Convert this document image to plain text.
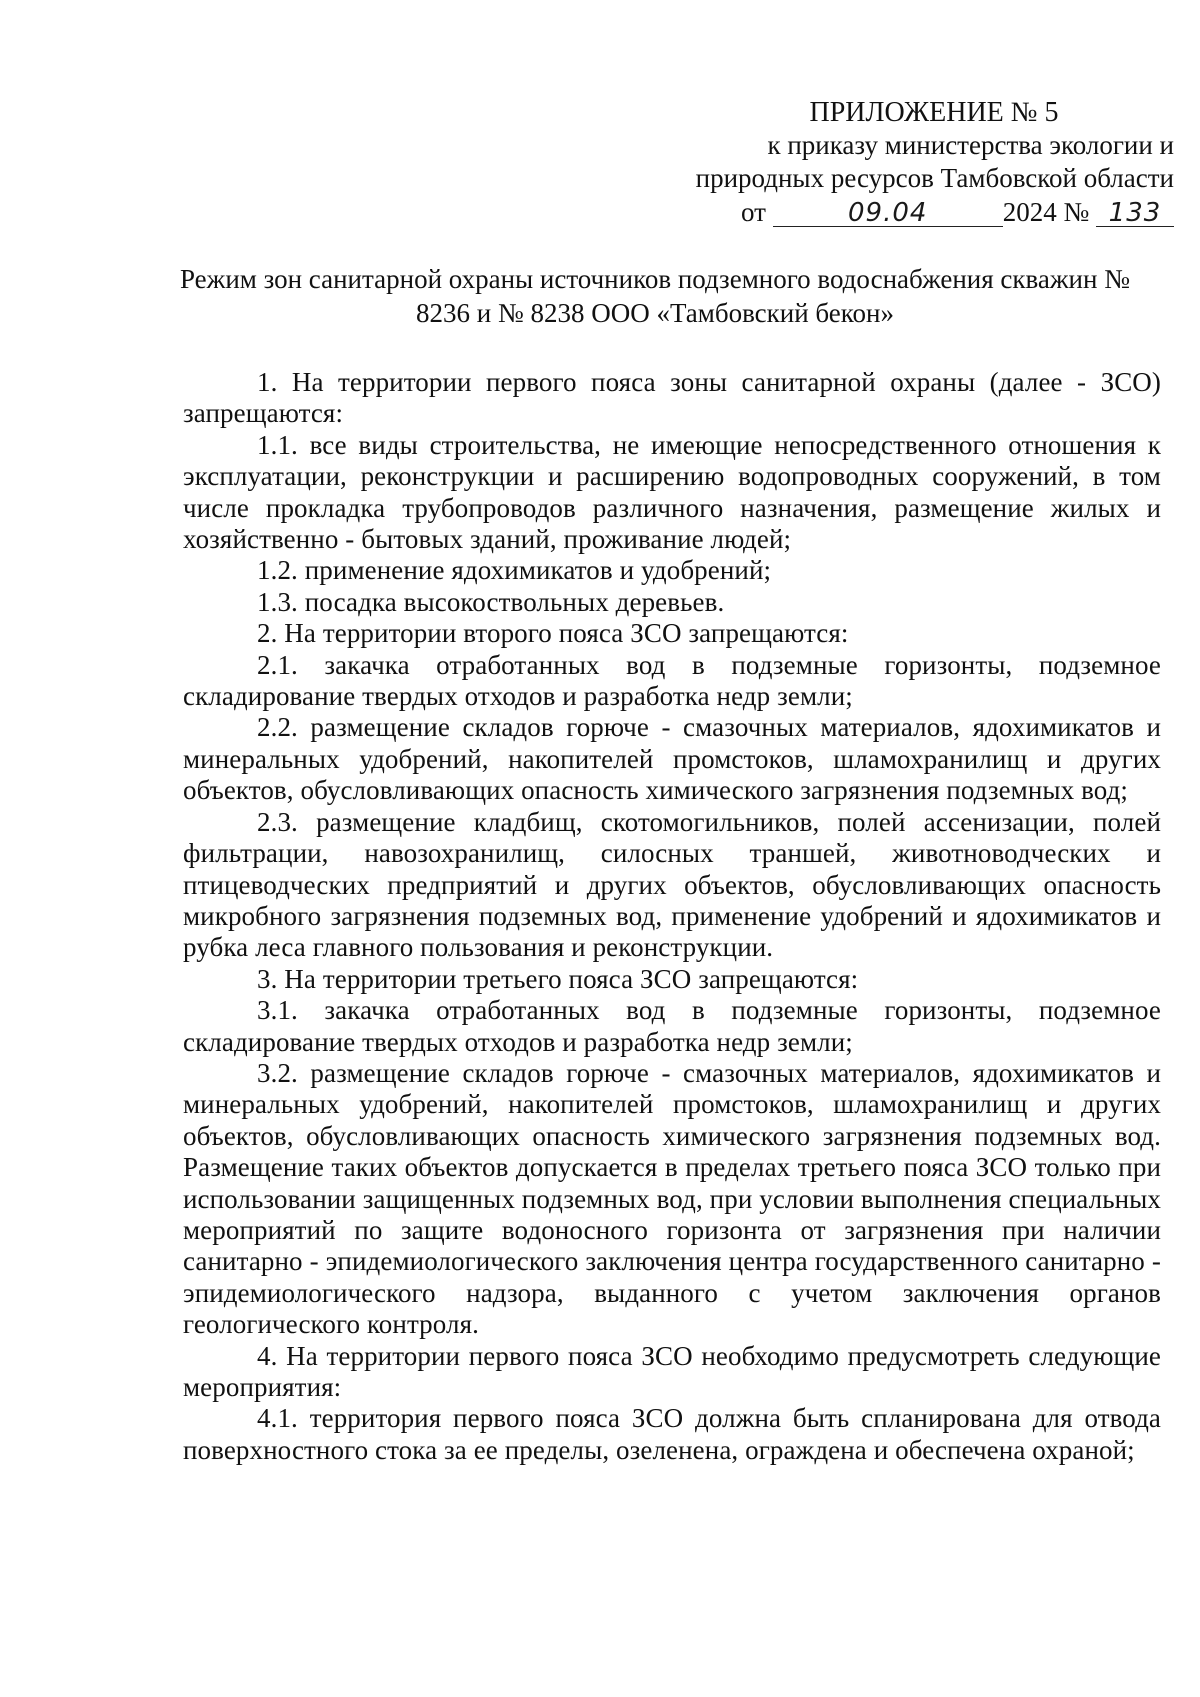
ПРИЛОЖЕНИЕ № 5
к приказу министерства экологии и
природных ресурсов Тамбовской области
от	09.04	2024 № 133
Режим зон санитарной охраны источников подземного водоснабжения скважин № 8236 и № 8238 ООО «Тамбовский бекон»

1. На территории первого пояса зоны санитарной охраны (далее - ЗСО) запрещаются:

1.1. все виды строительства, не имеющие непосредственного отношения к эксплуатации, реконструкции и расширению водопроводных сооружений, в том числе прокладка трубопроводов различного назначения, размещение жилых и хозяйственно - бытовых зданий, проживание людей;

1.2. применение ядохимикатов и удобрений;

1.3. посадка высокоствольных деревьев.

2. На территории второго пояса ЗСО запрещаются:

2.1. закачка отработанных вод в подземные горизонты, подземное складирование твердых отходов и разработка недр земли;

2.2. размещение складов горюче - смазочных материалов, ядохимикатов и минеральных удобрений, накопителей промстоков, шламохранилищ и других объектов, обусловливающих опасность химического загрязнения подземных вод;

2.3. размещение кладбищ, скотомогильников, полей ассенизации, полей фильтрации, навозохранилищ, силосных траншей, животноводческих и птицеводческих предприятий и других объектов, обусловливающих опасность микробного загрязнения подземных вод, применение удобрений и ядохимикатов и рубка леса главного пользования и реконструкции.

3. На территории третьего пояса ЗСО запрещаются:

3.1. закачка отработанных вод в подземные горизонты, подземное складирование твердых отходов и разработка недр земли;

3.2. размещение складов горюче - смазочных материалов, ядохимикатов и минеральных удобрений, накопителей промстоков, шламохранилищ и других объектов, обусловливающих опасность химического загрязнения подземных вод. Размещение таких объектов допускается в пределах третьего пояса ЗСО только при использовании защищенных подземных вод, при условии выполнения специальных мероприятий по защите водоносного горизонта от загрязнения при наличии санитарно - эпидемиологического заключения центра государственного санитарно - эпидемиологического надзора, выданного с учетом заключения органов геологического контроля.

4. На территории первого пояса ЗСО необходимо предусмотреть следующие мероприятия:

4.1. территория первого пояса ЗСО должна быть спланирована для отвода поверхностного стока за ее пределы, озеленена, ограждена и обеспечена охраной;
